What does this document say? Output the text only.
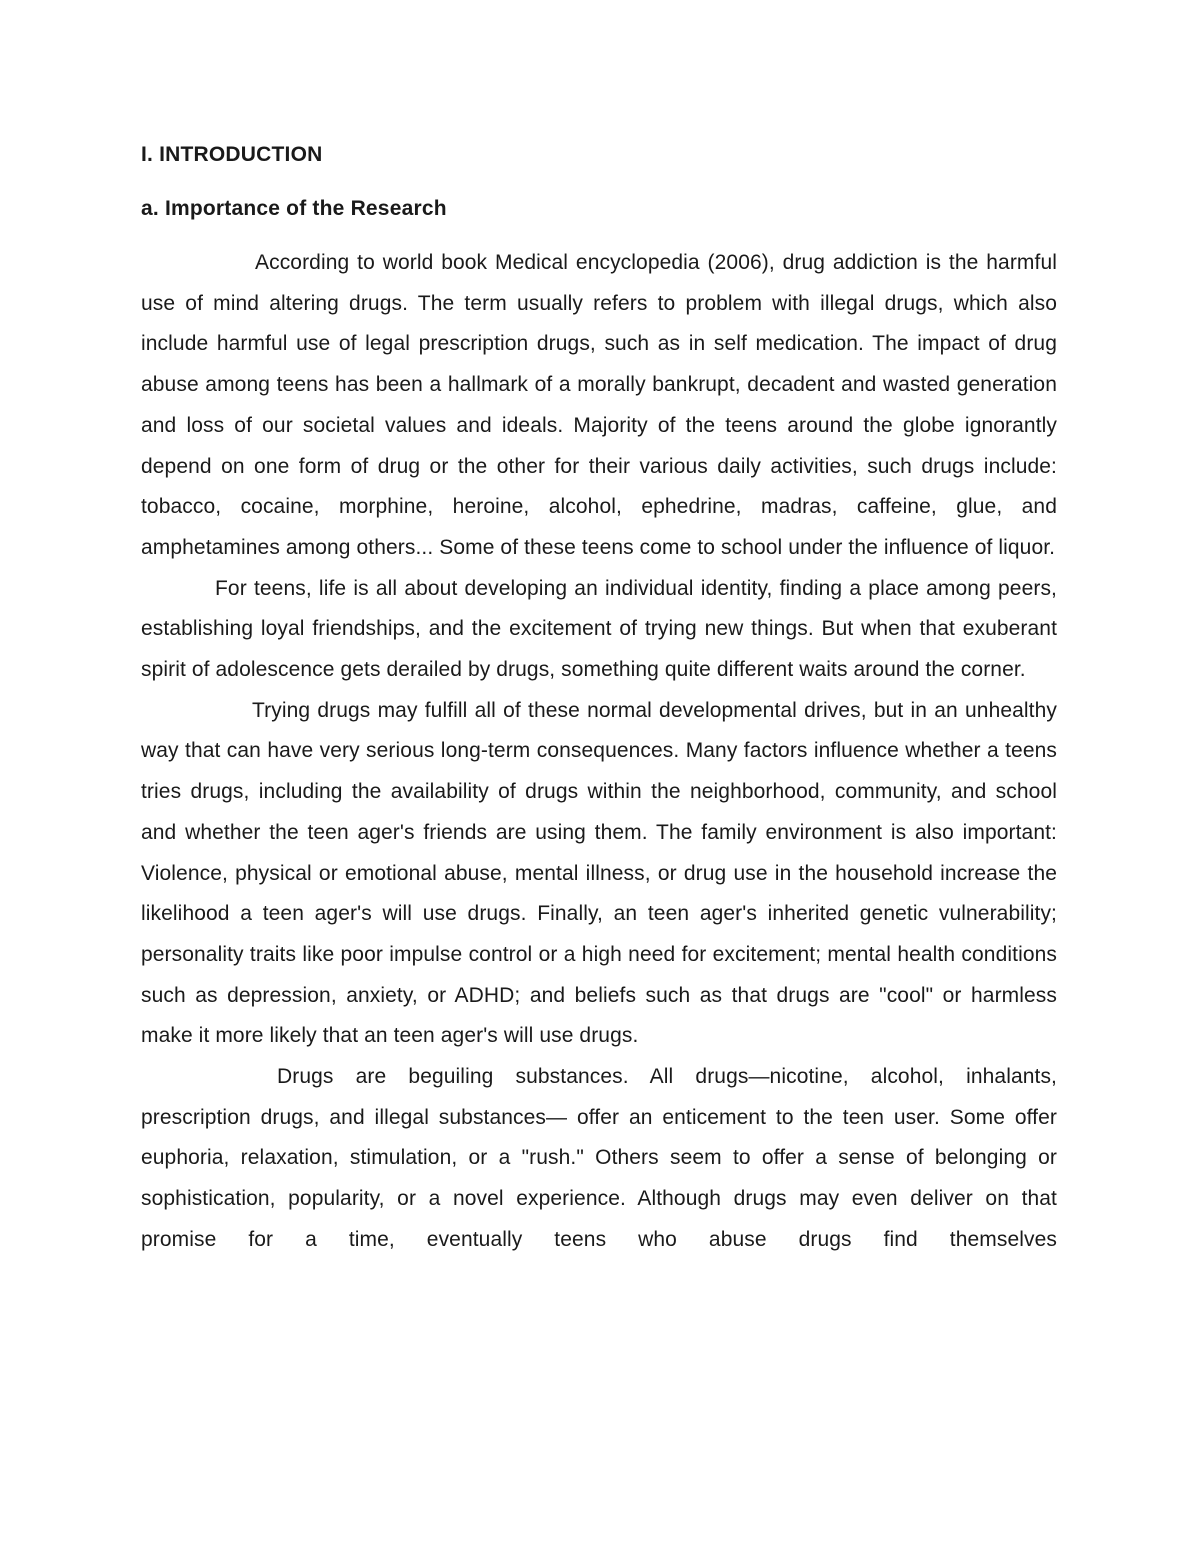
I. INTRODUCTION
a. Importance of the Research

According to world book Medical encyclopedia (2006), drug addiction is the harmful use of mind altering drugs. The term usually refers to problem with illegal drugs, which also include harmful use of legal prescription drugs, such as in self medication. The impact of drug abuse among teens has been a hallmark of a morally bankrupt, decadent and wasted generation and loss of our societal values and ideals. Majority of the teens around the globe ignorantly depend on one form of drug or the other for their various daily activities, such drugs include: tobacco, cocaine, morphine, heroine, alcohol, ephedrine, madras, caffeine, glue, and amphetamines among others... Some of these teens come to school under the influence of liquor.

For teens, life is all about developing an individual identity, finding a place among peers, establishing loyal friendships, and the excitement of trying new things. But when that exuberant spirit of adolescence gets derailed by drugs, something quite different waits around the corner.

Trying drugs may fulfill all of these normal developmental drives, but in an unhealthy way that can have very serious long-term consequences. Many factors influence whether a teens tries drugs, including the availability of drugs within the neighborhood, community, and school and whether the teen ager's friends are using them. The family environment is also important: Violence, physical or emotional abuse, mental illness, or drug use in the household increase the likelihood a teen ager's will use drugs. Finally, an teen ager's inherited genetic vulnerability; personality traits like poor impulse control or a high need for excitement; mental health conditions such as depression, anxiety, or ADHD; and beliefs such as that drugs are "cool" or harmless make it more likely that an teen ager's will use drugs.

Drugs are beguiling substances. All drugs—nicotine, alcohol, inhalants, prescription drugs, and illegal substances— offer an enticement to the teen user. Some offer euphoria, relaxation, stimulation, or a "rush." Others seem to offer a sense of belonging or sophistication, popularity, or a novel experience. Although drugs may even deliver on that promise for a time, eventually teens who abuse drugs find themselves
